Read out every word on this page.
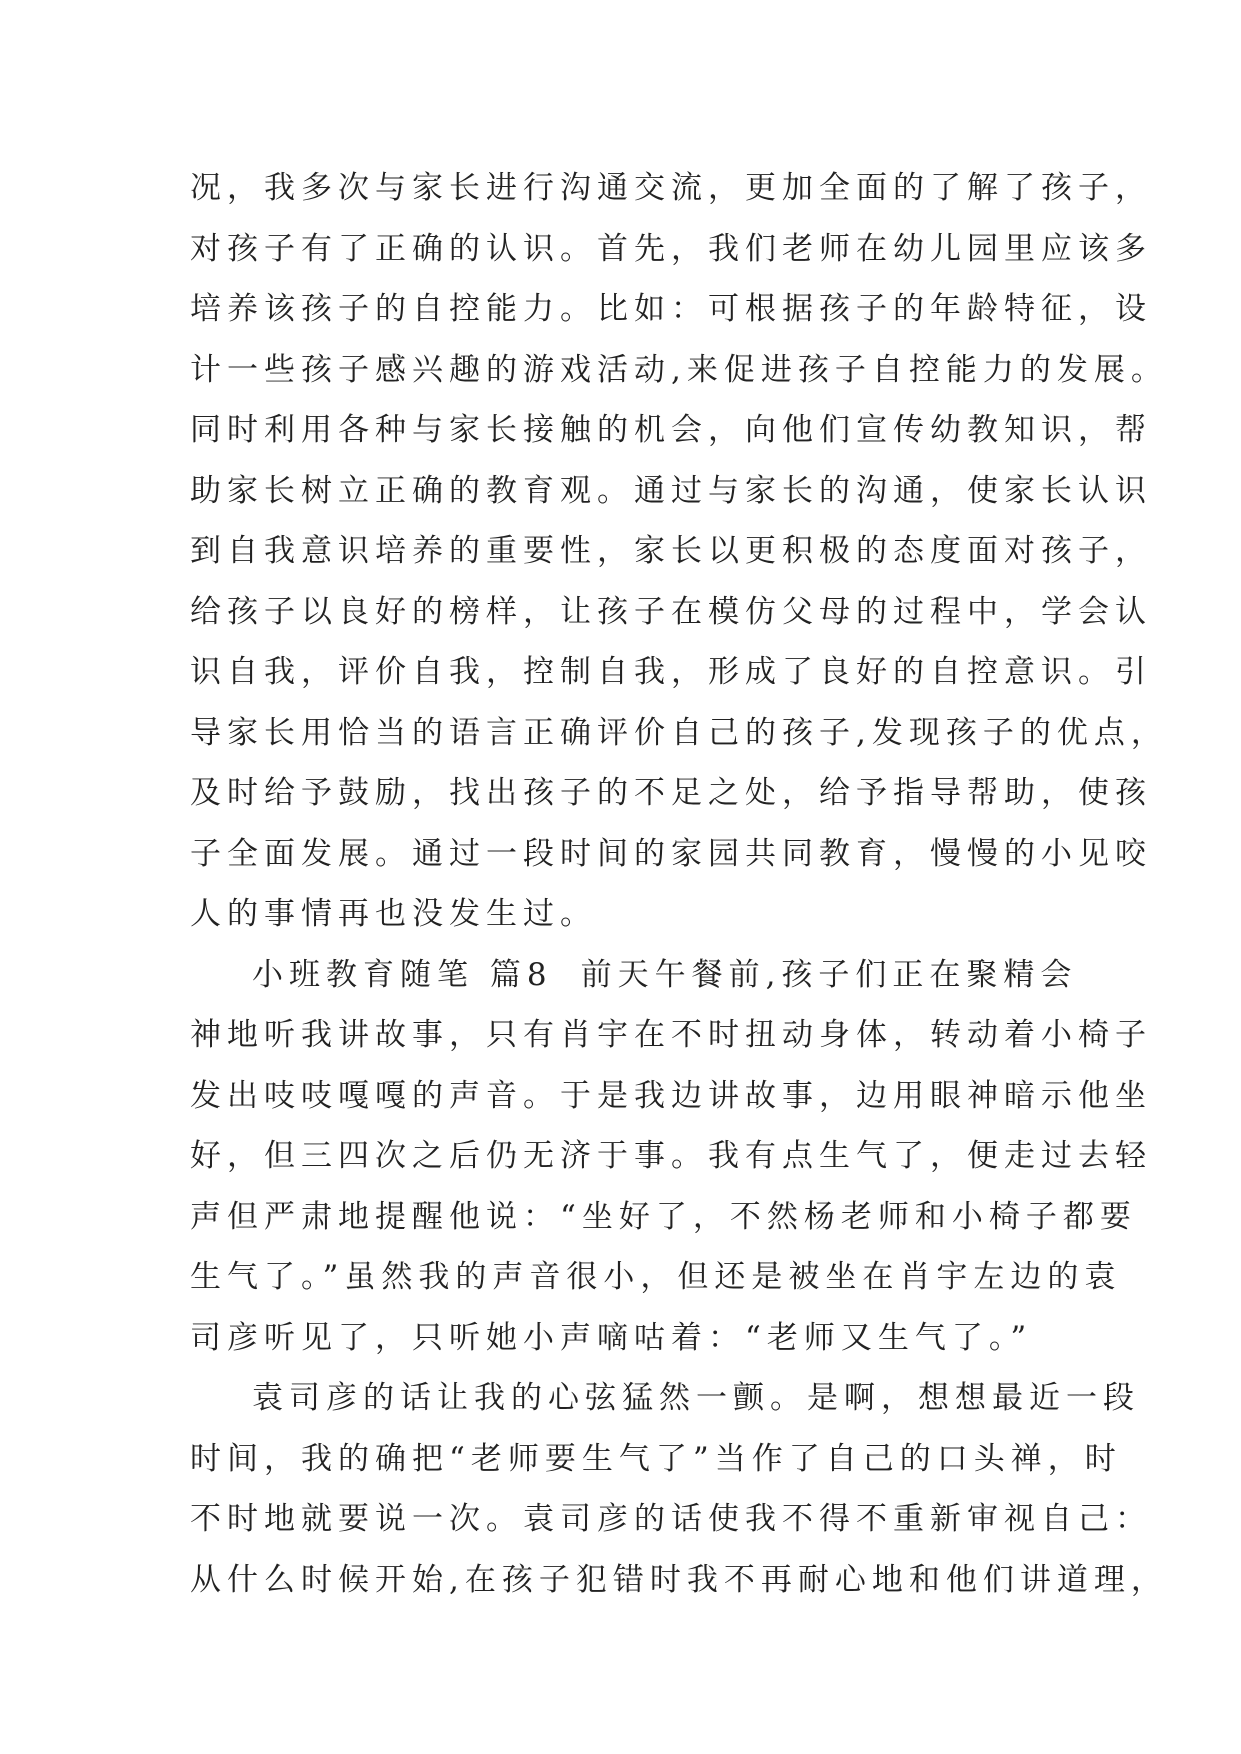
况，我多次与家长进行沟通交流，更加全面的了解了孩子，
对孩子有了正确的认识。首先，我们老师在幼儿园里应该多
培养该孩子的自控能力。比如：可根据孩子的年龄特征，设
计一些孩子感兴趣的游戏活动,来促进孩子自控能力的发展。
同时利用各种与家长接触的机会，向他们宣传幼教知识，帮
助家长树立正确的教育观。通过与家长的沟通，使家长认识
到自我意识培养的重要性，家长以更积极的态度面对孩子，
给孩子以良好的榜样，让孩子在模仿父母的过程中，学会认
识自我，评价自我，控制自我，形成了良好的自控意识。引
导家长用恰当的语言正确评价自己的孩子,发现孩子的优点，
及时给予鼓励，找出孩子的不足之处，给予指导帮助，使孩
子全面发展。通过一段时间的家园共同教育，慢慢的小见咬
人的事情再也没发生过。
小班教育随笔 篇8 前天午餐前,孩子们正在聚精会
神地听我讲故事，只有肖宇在不时扭动身体，转动着小椅子
发出吱吱嘎嘎的声音。于是我边讲故事，边用眼神暗示他坐
好，但三四次之后仍无济于事。我有点生气了，便走过去轻
声但严肃地提醒他说：“坐好了，不然杨老师和小椅子都要
生气了。”虽然我的声音很小，但还是被坐在肖宇左边的袁
司彦听见了，只听她小声嘀咕着：“老师又生气了。”
袁司彦的话让我的心弦猛然一颤。是啊，想想最近一段
时间，我的确把“老师要生气了”当作了自己的口头禅，时
不时地就要说一次。袁司彦的话使我不得不重新审视自己：
从什么时候开始,在孩子犯错时我不再耐心地和他们讲道理，
